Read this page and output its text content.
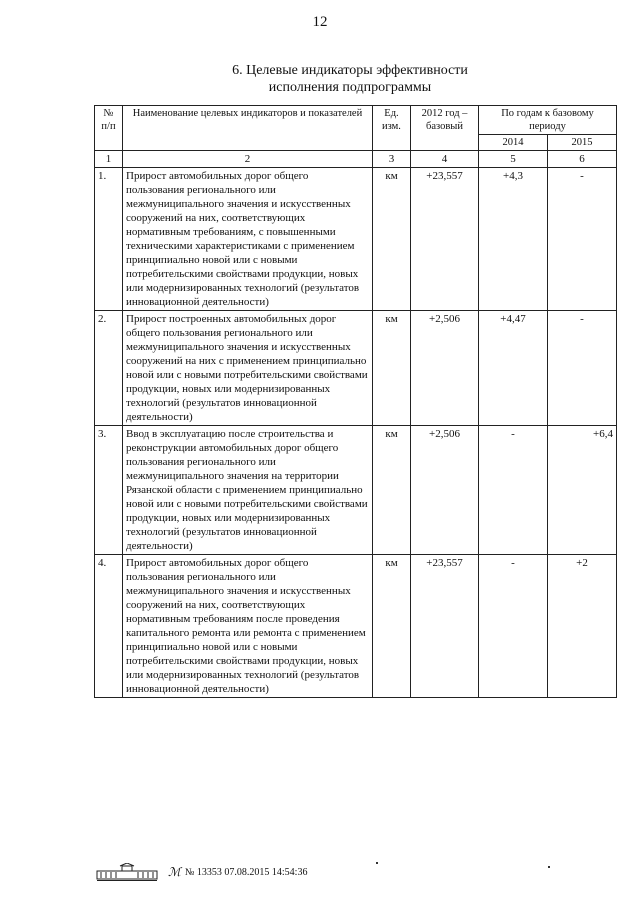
12
6. Целевые индикаторы эффективности
исполнения подпрограммы
№ п/п	Наименование целевых индикаторов и показателей	Ед. изм.	2012 год – базовый	По годам к базовому периоду	
				2014	2015
1	2	3	4	5	6
1.	Прирост автомобильных дорог общего пользования регионального или межмуниципального значения и искусственных сооружений на них, соответствующих нормативным требованиям, с повышенными техническими характеристиками с применением принципиально новой или с новыми потребительскими свойствами продукции, новых или модернизированных технологий (результатов инновационной деятельности)	км	+23,557	+4,3	-
2.	Прирост построенных автомобильных дорог общего пользования регионального или межмуниципального значения и искусственных сооружений на них с применением принципиально новой или с новыми потребительскими свойствами продукции, новых или модернизированных технологий (результатов инновационной деятельности)	км	+2,506	+4,47	-
3.	Ввод в эксплуатацию после строительства и реконструкции автомобильных дорог общего пользования регионального или межмуниципального значения на территории Рязанской области с применением принципиально новой или с новыми потребительскими свойствами продукции, новых или модернизированных технологий (результатов инновационной деятельности)	км	+2,506	-	+6,4
4.	Прирост автомобильных дорог общего пользования регионального или межмуниципального значения и искусственных сооружений на них, соответствующих нормативным требованиям после проведения капитального ремонта или ремонта с применением принципиально новой или с новыми потребительскими свойствами продукции, новых или модернизированных технологий (результатов инновационной деятельности)	км	+23,557	-	+2
ℳ № 13353 07.08.2015 14:54:36
